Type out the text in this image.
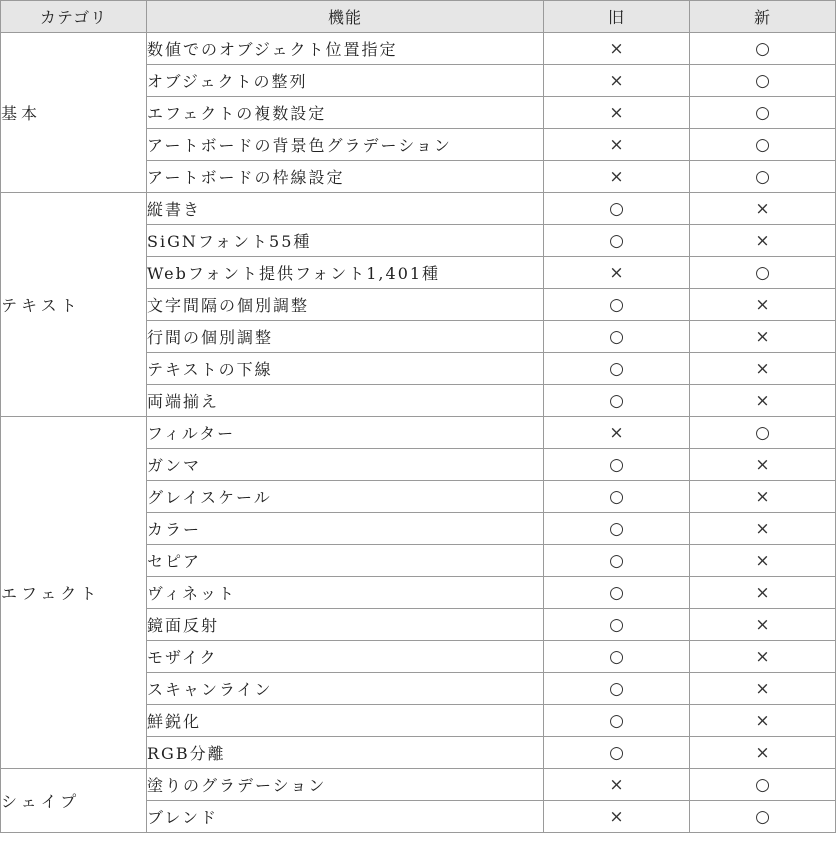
カテゴリ	機能	旧	新
基本	数値でのオブジェクト位置指定	×	○
	オブジェクトの整列	×	○
	エフェクトの複数設定	×	○
	アートボードの背景色グラデーション	×	○
	アートボードの枠線設定	×	○
テキスト	縦書き	○	×
	SiGNフォント55種	○	×
	Webフォント提供フォント1,401種	×	○
	文字間隔の個別調整	○	×
	行間の個別調整	○	×
	テキストの下線	○	×
	両端揃え	○	×
エフェクト	フィルター	×	○
	ガンマ	○	×
	グレイスケール	○	×
	カラー	○	×
	セピア	○	×
	ヴィネット	○	×
	鏡面反射	○	×
	モザイク	○	×
	スキャンライン	○	×
	鮮鋭化	○	×
	RGB分離	○	×
シェイプ	塗りのグラデーション	×	○
	ブレンド	×	○
